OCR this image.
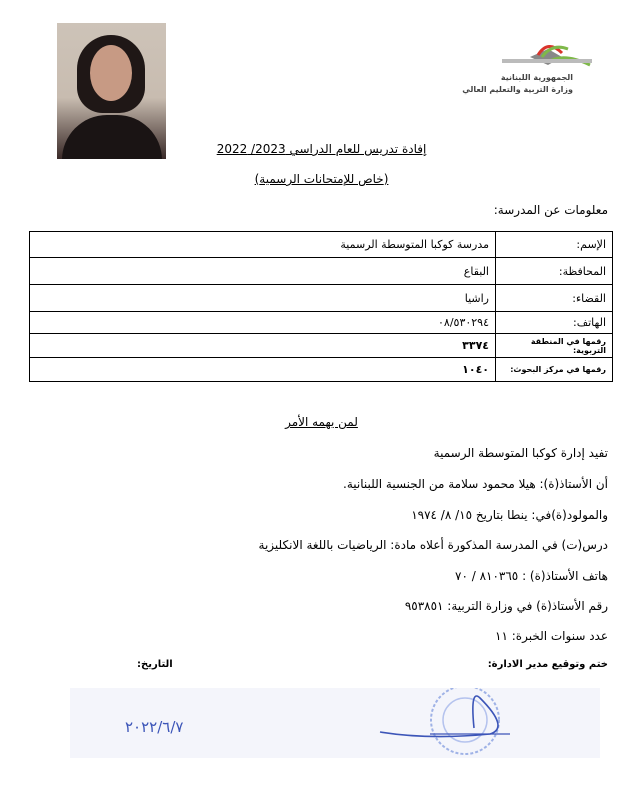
الجمهورية اللبنانية
وزارة التربية والتعليم العالي
إفادة تدريس للعام الدراسي 2023/ 2022
(خاص للإمتحانات الرسمية)
معلومات عن المدرسة:
الإسم:	مدرسة كوكبا المتوسطة الرسمية
المحافظة:	البقاع
القضاء:	راشيا
الهاتف:	٠٨/٥٣٠٢٩٤
رقمها في المنطقة التربوية:	٣٣٧٤
رقمها في مركز البحوث:	١٠٤٠
لمن يهمه الأمر
تفيد إدارة كوكبا المتوسطة الرسمية
أن الأستاذ(ة): هيلا محمود سلامة من الجنسية اللبنانية.
والمولود(ة)في: ينطا بتاريخ ١٥/ ٨/ ١٩٧٤
درس(ت) في المدرسة المذكورة أعلاه مادة: الرياضيات باللغة الانكليزية
هاتف الأستاذ(ة) : ٨١٠٣٦٥ / ٧٠
رقم الأستاذ(ة) في وزارة التربية: ٩٥٣٨٥١
عدد سنوات الخبرة: ١١
ختم وتوقيع مدير الادارة:
التاريخ:
٢٠٢٢/٦/٧
